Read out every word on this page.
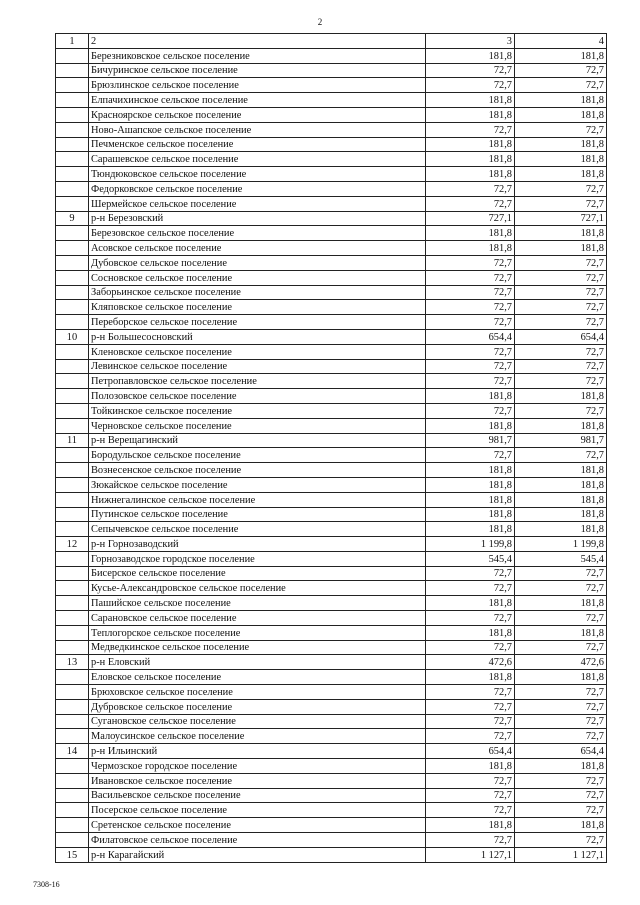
2
1	2	3	4
	Березниковское сельское поселение	181,8	181,8
	Бичуринское сельское поселение	72,7	72,7
	Брюзлинское сельское поселение	72,7	72,7
	Елпачихинское сельское поселение	181,8	181,8
	Красноярское сельское поселение	181,8	181,8
	Ново-Ашапское сельское поселение	72,7	72,7
	Печменское сельское поселение	181,8	181,8
	Сарашевское сельское поселение	181,8	181,8
	Тюндюковское сельское поселение	181,8	181,8
	Федорковское сельское поселение	72,7	72,7
	Шермейское сельское поселение	72,7	72,7
9	р-н Березовский	727,1	727,1
	Березовское сельское поселение	181,8	181,8
	Асовское сельское поселение	181,8	181,8
	Дубовское сельское поселение	72,7	72,7
	Сосновское сельское поселение	72,7	72,7
	Заборьинское сельское поселение	72,7	72,7
	Кляповское сельское поселение	72,7	72,7
	Переборское сельское поселение	72,7	72,7
10	р-н Большесосновский	654,4	654,4
	Кленовское сельское поселение	72,7	72,7
	Левинское сельское поселение	72,7	72,7
	Петропавловское сельское поселение	72,7	72,7
	Полозовское сельское поселение	181,8	181,8
	Тойкинское сельское поселение	72,7	72,7
	Черновское сельское поселение	181,8	181,8
11	р-н Верещагинский	981,7	981,7
	Бородульское сельское поселение	72,7	72,7
	Вознесенское сельское поселение	181,8	181,8
	Зюкайское сельское поселение	181,8	181,8
	Нижнегалинское сельское поселение	181,8	181,8
	Путинское сельское поселение	181,8	181,8
	Сепычевское сельское поселение	181,8	181,8
12	р-н Горнозаводский	1 199,8	1 199,8
	Горнозаводское городское поселение	545,4	545,4
	Бисерское сельское поселение	72,7	72,7
	Кусье-Александровское сельское поселение	72,7	72,7
	Пашийское сельское поселение	181,8	181,8
	Сарановское сельское поселение	72,7	72,7
	Теплогорское сельское поселение	181,8	181,8
	Медведкинское сельское поселение	72,7	72,7
13	р-н Еловский	472,6	472,6
	Еловское сельское поселение	181,8	181,8
	Брюховское сельское поселение	72,7	72,7
	Дубровское сельское поселение	72,7	72,7
	Сугановское сельское поселение	72,7	72,7
	Малоусинское сельское поселение	72,7	72,7
14	р-н Ильинский	654,4	654,4
	Чермозское городское поселение	181,8	181,8
	Ивановское сельское поселение	72,7	72,7
	Васильевское сельское поселение	72,7	72,7
	Посерское сельское поселение	72,7	72,7
	Сретенское сельское поселение	181,8	181,8
	Филатовское сельское поселение	72,7	72,7
15	р-н Карагайский	1 127,1	1 127,1
7308-16
